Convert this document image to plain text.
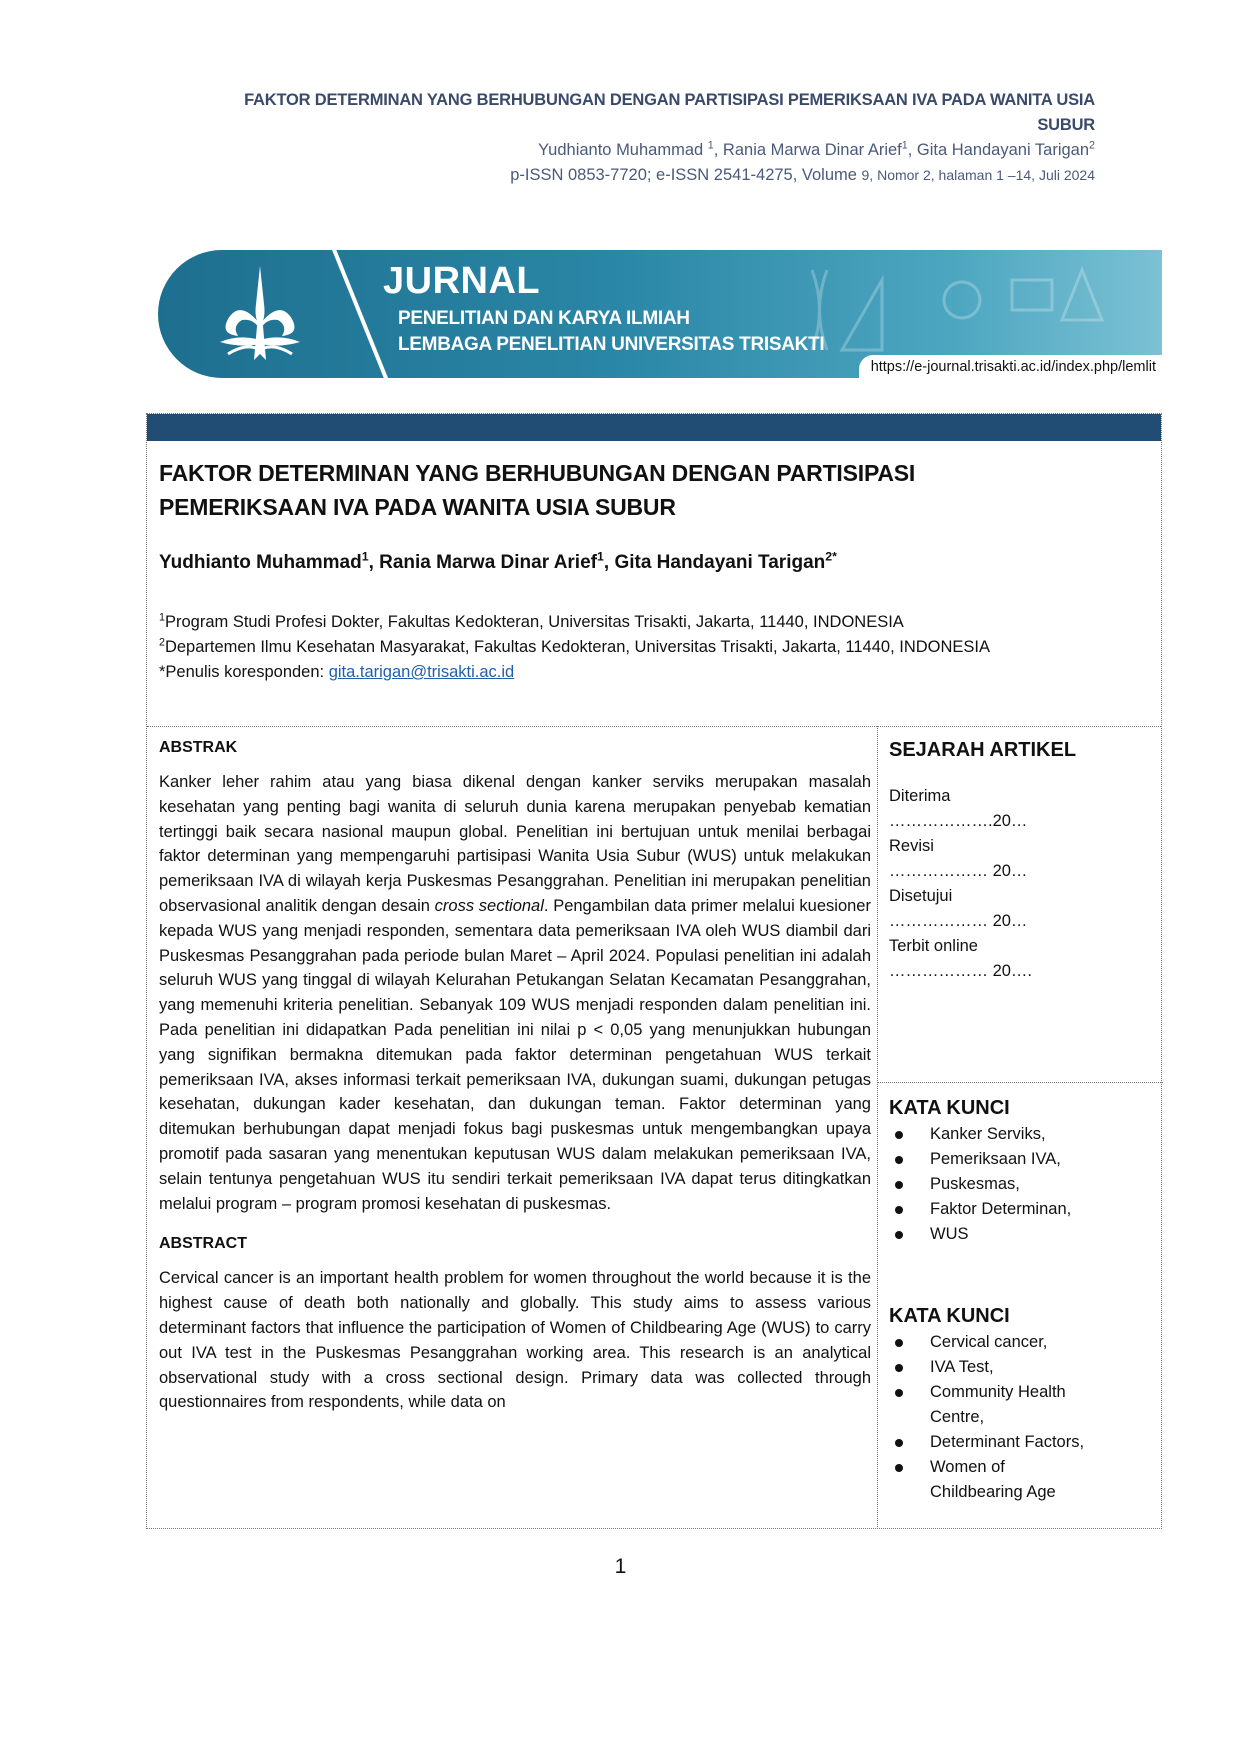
FAKTOR DETERMINAN YANG BERHUBUNGAN DENGAN PARTISIPASI PEMERIKSAAN IVA PADA WANITA USIA
SUBUR
Yudhianto Muhammad $^1$, Rania Marwa Dinar Arief$^1$, Gita Handayani Tarigan$^2$
p-ISSN 0853-7720; e-ISSN 2541-4275, Volume 9, Nomor 2, halaman 1 –14, Juli 2024
JURNAL
PENELITIAN DAN KARYA ILMIAH
LEMBAGA PENELITIAN UNIVERSITAS TRISAKTI
https://e-journal.trisakti.ac.id/index.php/lemlit
FAKTOR DETERMINAN YANG BERHUBUNGAN DENGAN PARTISIPASI
PEMERIKSAAN IVA PADA WANITA USIA SUBUR
Yudhianto Muhammad$^1$, Rania Marwa Dinar Arief$^1$, Gita Handayani Tarigan$^{2*}$
$^1$Program Studi Profesi Dokter, Fakultas Kedokteran, Universitas Trisakti, Jakarta, 11440, INDONESIA
$^2$Departemen Ilmu Kesehatan Masyarakat, Fakultas Kedokteran, Universitas Trisakti, Jakarta, 11440, INDONESIA
*Penulis koresponden: gita.tarigan@trisakti.ac.id
ABSTRAK

Kanker leher rahim atau yang biasa dikenal dengan kanker serviks merupakan masalah kesehatan yang penting bagi wanita di seluruh dunia karena merupakan penyebab kematian tertinggi baik secara nasional maupun global. Penelitian ini bertujuan untuk menilai berbagai faktor determinan yang mempengaruhi partisipasi Wanita Usia Subur (WUS) untuk melakukan pemeriksaan IVA di wilayah kerja Puskesmas Pesanggrahan. Penelitian ini merupakan penelitian observasional analitik dengan desain cross sectional. Pengambilan data primer melalui kuesioner kepada WUS yang menjadi responden, sementara data pemeriksaan IVA oleh WUS diambil dari Puskesmas Pesanggrahan pada periode bulan Maret – April 2024. Populasi penelitian ini adalah seluruh WUS yang tinggal di wilayah Kelurahan Petukangan Selatan Kecamatan Pesanggrahan, yang memenuhi kriteria penelitian. Sebanyak 109 WUS menjadi responden dalam penelitian ini. Pada penelitian ini didapatkan Pada penelitian ini nilai p < 0,05 yang menunjukkan hubungan yang signifikan bermakna ditemukan pada faktor determinan pengetahuan WUS terkait pemeriksaan IVA, akses informasi terkait pemeriksaan IVA, dukungan suami, dukungan petugas kesehatan, dukungan kader kesehatan, dan dukungan teman. Faktor determinan yang ditemukan berhubungan dapat menjadi fokus bagi puskesmas untuk mengembangkan upaya promotif pada sasaran yang menentukan keputusan WUS dalam melakukan pemeriksaan IVA, selain tentunya pengetahuan WUS itu sendiri terkait pemeriksaan IVA dapat terus ditingkatkan melalui program – program promosi kesehatan di puskesmas.

ABSTRACT

Cervical cancer is an important health problem for women throughout the world because it is the highest cause of death both nationally and globally. This study aims to assess various determinant factors that influence the participation of Women of Childbearing Age (WUS) to carry out IVA test in the Puskesmas Pesanggrahan working area. This research is an analytical observational study with a cross sectional design. Primary data was collected through questionnaires from respondents, while data on

SEJARAH ARTIKEL
Diterima
……………….20…
Revisi
……………… 20…
Disetujui
……………… 20…
Terbit online
……………… 20….
KATA KUNCI
Kanker Serviks,
Pemeriksaan IVA,
Puskesmas,
Faktor Determinan,
WUS
KATA KUNCI
Cervical cancer,
IVA Test,
Community Health Centre,
Determinant Factors,
Women of Childbearing Age
1
